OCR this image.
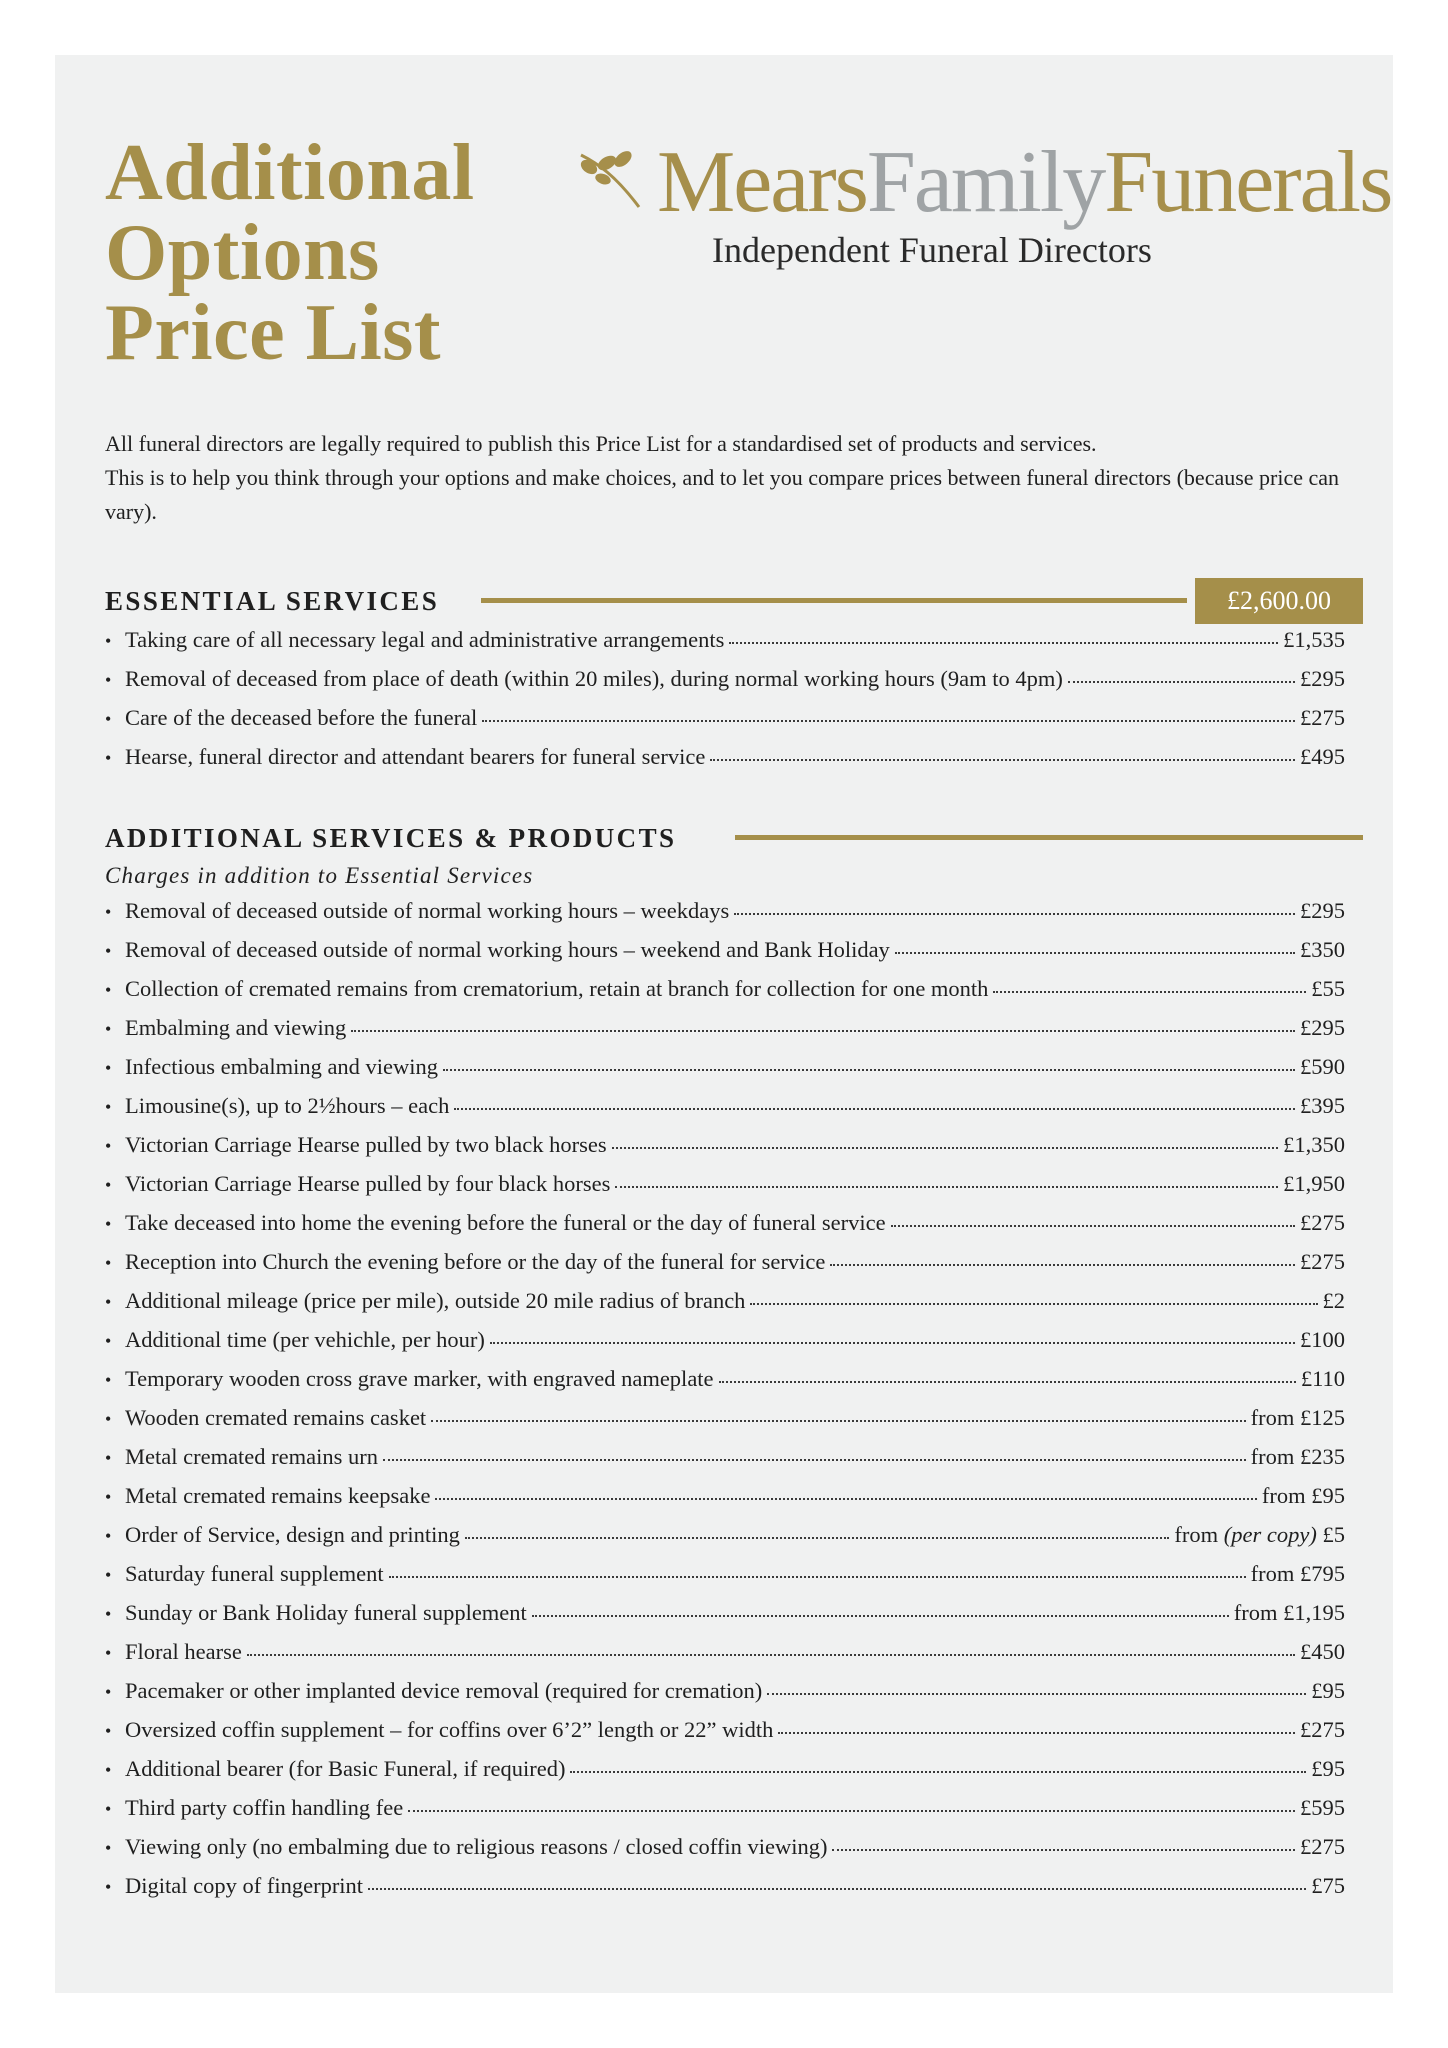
Additional
Options
Price List
MearsFamilyFunerals
Independent Funeral Directors

All funeral directors are legally required to publish this Price List for a standardised set of products and services.

This is to help you think through your options and make choices, and to let you compare prices between funeral directors (because price can vary).

ESSENTIAL SERVICES	£2,600.00
• Taking care of all necessary legal and administrative arrangements	£1,535
• Removal of deceased from place of death (within 20 miles), during normal working hours (9am to 4pm)	£295
• Care of the deceased before the funeral	£275
• Hearse, funeral director and attendant bearers for funeral service	£495
ADDITIONAL SERVICES & PRODUCTS
Charges in addition to Essential Services
• Removal of deceased outside of normal working hours – weekdays	£295
• Removal of deceased outside of normal working hours – weekend and Bank Holiday	£350
• Collection of cremated remains from crematorium, retain at branch for collection for one month	£55
• Embalming and viewing	£295
• Infectious embalming and viewing	£590
• Limousine(s), up to 2½hours – each	£395
• Victorian Carriage Hearse pulled by two black horses	£1,350
• Victorian Carriage Hearse pulled by four black horses	£1,950
• Take deceased into home the evening before the funeral or the day of funeral service	£275
• Reception into Church the evening before or the day of the funeral for service	£275
• Additional mileage (price per mile), outside 20 mile radius of branch	£2
• Additional time (per vehichle, per hour)	£100
• Temporary wooden cross grave marker, with engraved nameplate	£110
• Wooden cremated remains casket	from £125
• Metal cremated remains urn	from £235
• Metal cremated remains keepsake	from £95
• Order of Service, design and printing	from (per copy) £5
• Saturday funeral supplement	from £795
• Sunday or Bank Holiday funeral supplement	from £1,195
• Floral hearse	£450
• Pacemaker or other implanted device removal (required for cremation)	£95
• Oversized coffin supplement – for coffins over 6’2” length or 22” width	£275
• Additional bearer (for Basic Funeral, if required)	£95
• Third party coffin handling fee	£595
• Viewing only (no embalming due to religious reasons / closed coffin viewing)	£275
• Digital copy of fingerprint	£75
